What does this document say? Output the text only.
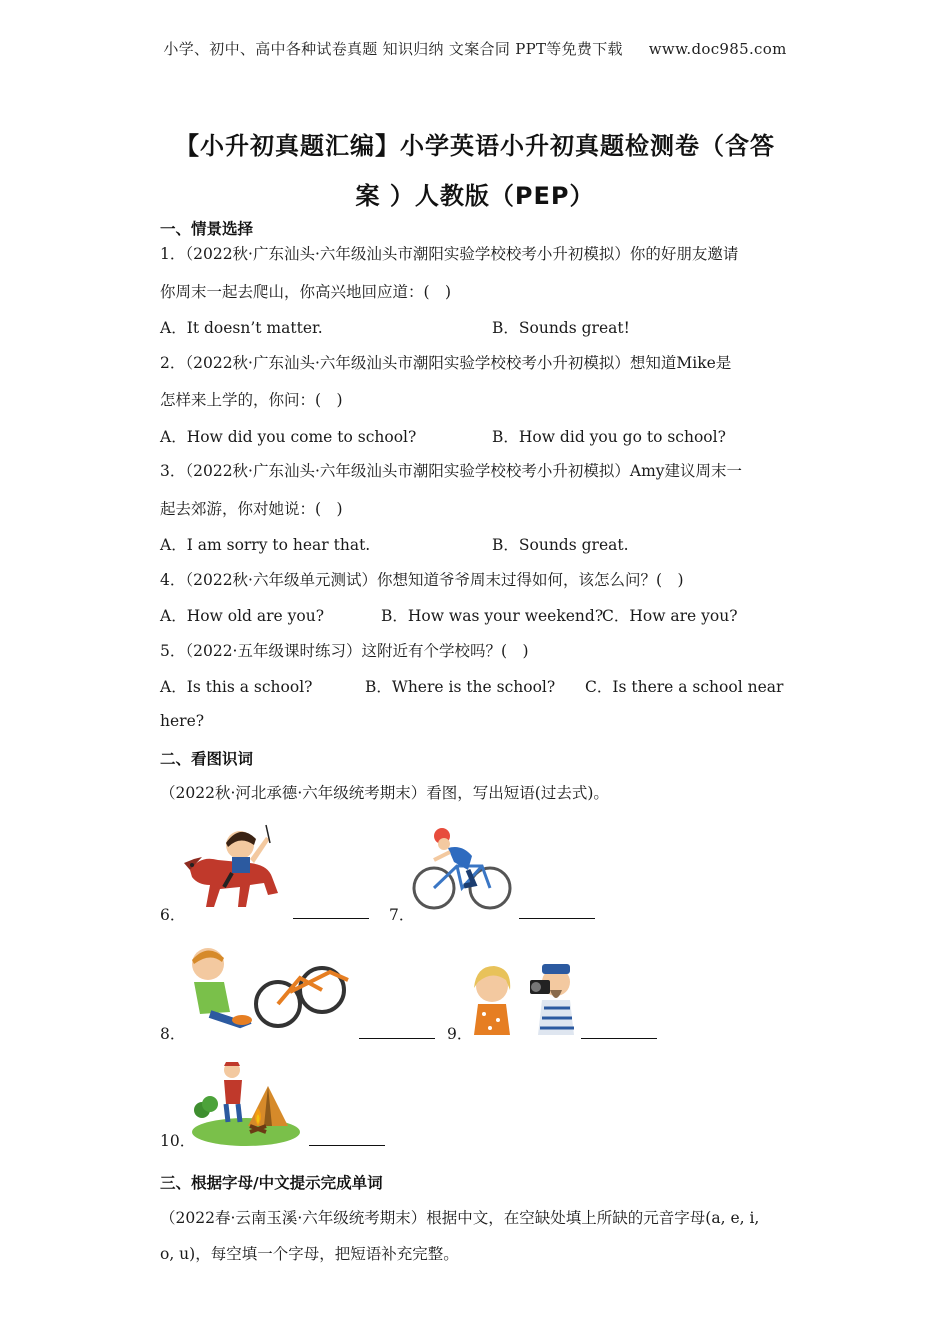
小学、初中、高中各种试卷真题 知识归纳 文案合同 PPT等免费下载 www.doc985.com
【小升初真题汇编】小学英语小升初真题检测卷（含答
案 ）人教版（PEP）
一、情景选择
1．（2022秋·广东汕头·六年级汕头市潮阳实验学校校考小升初模拟）你的好朋友邀请
你周末一起去爬山，你高兴地回应道：(　)
A．It doesn’t matter.	B．Sounds great!
2．（2022秋·广东汕头·六年级汕头市潮阳实验学校校考小升初模拟）想知道Mike是
怎样来上学的，你问：(　)
A．How did you come to school?	B．How did you go to school?
3．（2022秋·广东汕头·六年级汕头市潮阳实验学校校考小升初模拟）Amy建议周末一
起去郊游，你对她说：(　)
A．I am sorry to hear that.	B．Sounds great.
4．（2022秋·六年级单元测试）你想知道爷爷周末过得如何，该怎么问？(　)
A．How old are you?	B．How was your weekend?
C．How are you?
5．（2022·五年级课时练习）这附近有个学校吗？(　)
A．Is this a school?	B．Where is the school? C．Is there a school near
here?
二、看图识词
（2022秋·河北承德·六年级统考期末）看图，写出短语(过去式)。
6．	7．
8．	9．
10．
三、根据字母/中文提示完成单词
（2022春·云南玉溪·六年级统考期末）根据中文，在空缺处填上所缺的元音字母(a, e, i,
o, u)，每空填一个字母，把短语补充完整。
